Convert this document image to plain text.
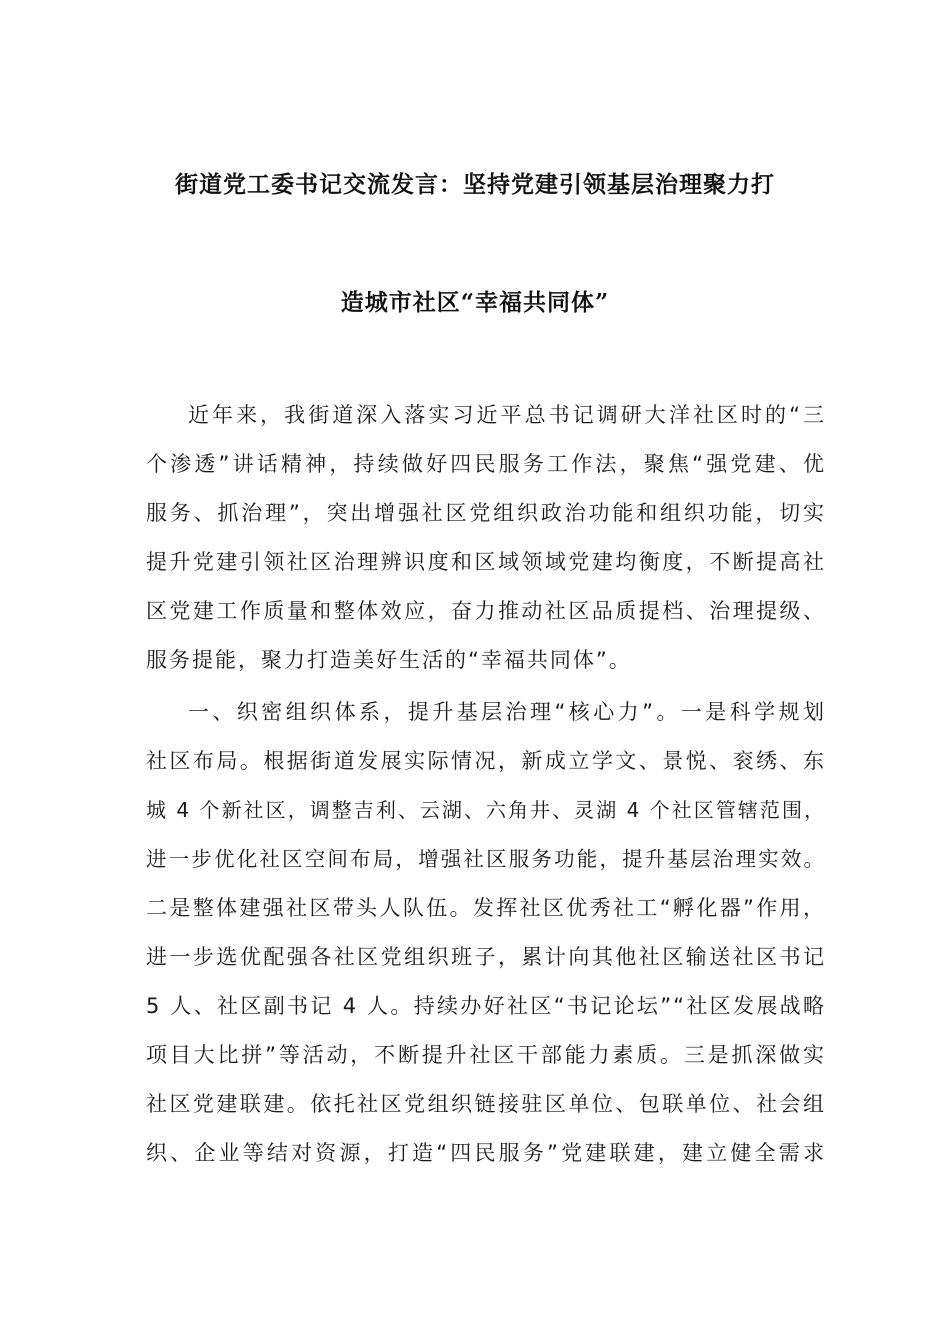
街道党工委书记交流发言：坚持党建引领基层治理聚力打
造城市社区“幸福共同体”
近年来，我街道深入落实习近平总书记调研大洋社区时的“三
个渗透”讲话精神，持续做好四民服务工作法，聚焦“强党建、优
服务、抓治理”，突出增强社区党组织政治功能和组织功能，切实
提升党建引领社区治理辨识度和区域领域党建均衡度，不断提高社
区党建工作质量和整体效应，奋力推动社区品质提档、治理提级、
服务提能，聚力打造美好生活的“幸福共同体”。
一、织密组织体系，提升基层治理“核心力”。一是科学规划
社区布局。根据街道发展实际情况，新成立学文、景悦、衮绣、东
城 4 个新社区，调整吉利、云湖、六角井、灵湖 4 个社区管辖范围，
进一步优化社区空间布局，增强社区服务功能，提升基层治理实效。
二是整体建强社区带头人队伍。发挥社区优秀社工“孵化器”作用，
进一步选优配强各社区党组织班子，累计向其他社区输送社区书记
5 人、社区副书记 4 人。持续办好社区“书记论坛”“社区发展战略
项目大比拼”等活动，不断提升社区干部能力素质。三是抓深做实
社区党建联建。依托社区党组织链接驻区单位、包联单位、社会组
织、企业等结对资源，打造“四民服务”党建联建，建立健全需求
